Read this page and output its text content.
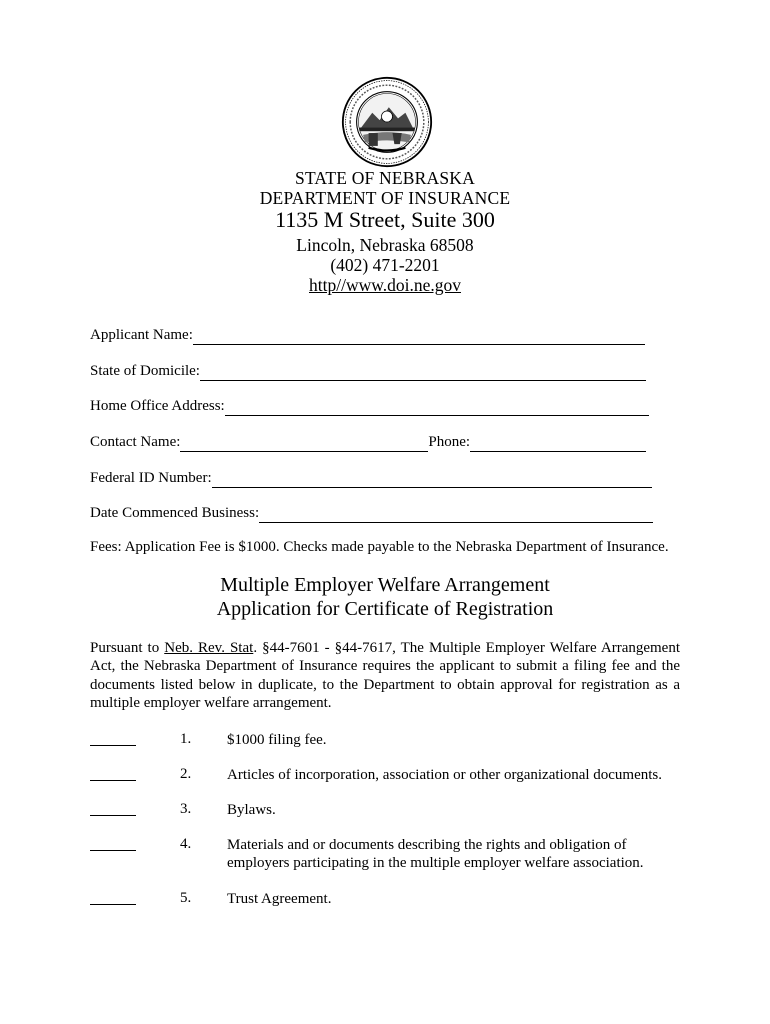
STATE OF NEBRASKA
DEPARTMENT OF INSURANCE
1135 M Street, Suite 300
Lincoln, Nebraska 68508
(402) 471-2201
http//www.doi.ne.gov
Applicant Name:
State of Domicile:
Home Office Address:
Contact Name:	Phone:
Federal ID Number:
Date Commenced Business:
Fees: Application Fee is $1000. Checks made payable to the Nebraska Department of Insurance.
Multiple Employer Welfare Arrangement
Application for Certificate of Registration
Pursuant to Neb. Rev. Stat. §44-7601 - §44-7617, The Multiple Employer Welfare Arrangement Act, the Nebraska Department of Insurance requires the applicant to submit a filing fee and the documents listed below in duplicate, to the Department to obtain approval for registration as a multiple employer welfare arrangement.
1. $1000 filing fee.
2. Articles of incorporation, association or other organizational documents.
3. Bylaws.
4. Materials and or documents describing the rights and obligation of employers participating in the multiple employer welfare association.
5. Trust Agreement.
